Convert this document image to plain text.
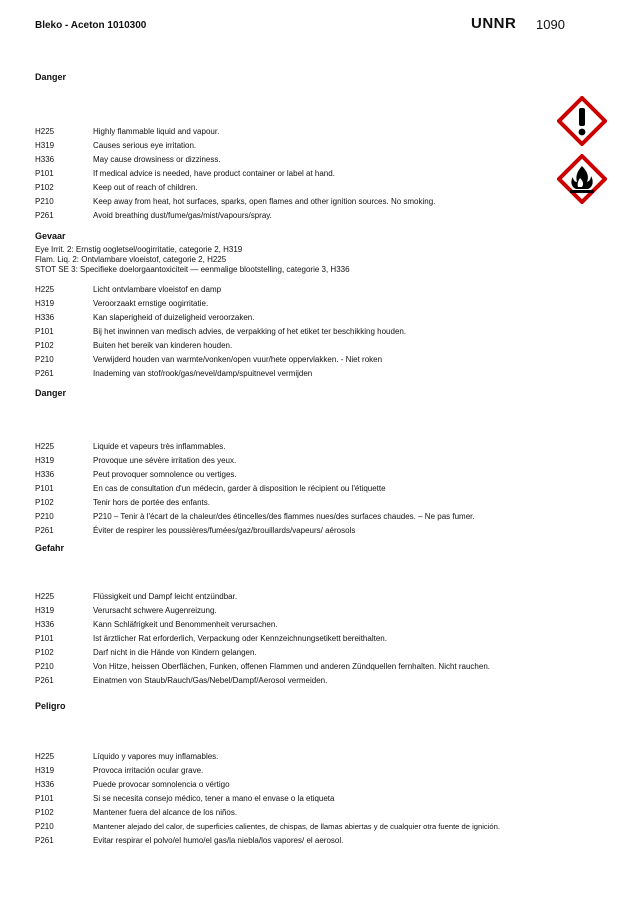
Bleko - Aceton 1010300	UNNR 1090
Danger
H225	Highly flammable liquid and vapour.
H319	Causes serious eye irritation.
H336	May cause drowsiness or dizziness.
P101	If medical advice is needed, have product container or label at hand.
P102	Keep out of reach of children.
P210	Keep away from heat, hot surfaces, sparks, open flames and other ignition sources. No smoking.
P261	Avoid breathing dust/fume/gas/mist/vapours/spray.
Gevaar
Eye Irrit. 2: Ernstig oogletsel/oogirritatie, categorie 2, H319
Flam. Liq. 2: Ontvlambare vloeistof, categorie 2, H225
STOT SE 3: Specifieke doelorgaantoxiciteit — eenmalige blootstelling, categorie 3, H336
H225	Licht ontvlambare vloeistof en damp
H319	Veroorzaakt ernstige oogirritatie.
H336	Kan slaperigheid of duizeligheid veroorzaken.
P101	Bij het inwinnen van medisch advies, de verpakking of het etiket ter beschikking houden.
P102	Buiten het bereik van kinderen houden.
P210	Verwijderd houden van warmte/vonken/open vuur/hete oppervlakken. - Niet roken
P261	Inademing van stof/rook/gas/nevel/damp/spuitnevel vermijden
Danger
H225	Liquide et vapeurs très inflammables.
H319	Provoque une sévère irritation des yeux.
H336	Peut provoquer somnolence ou vertiges.
P101	En cas de consultation d'un médecin, garder à disposition le récipient ou l'étiquette
P102	Tenir hors de portée des enfants.
P210	P210 – Tenir à l'écart de la chaleur/des étincelles/des flammes nues/des surfaces chaudes. – Ne pas fumer.
P261	Éviter de respirer les poussières/fumées/gaz/brouillards/vapeurs/ aérosols
Gefahr
H225	Flüssigkeit und Dampf leicht entzündbar.
H319	Verursacht schwere Augenreizung.
H336	Kann Schläfrigkeit und Benommenheit verursachen.
P101	Ist ärztlicher Rat erforderlich, Verpackung oder Kennzeichnungsetikett bereithalten.
P102	Darf nicht in die Hände von Kindern gelangen.
P210	Von Hitze, heissen Oberflächen, Funken, offenen Flammen und anderen Zündquellen fernhalten. Nicht rauchen.
P261	Einatmen von Staub/Rauch/Gas/Nebel/Dampf/Aerosol vermeiden.
Peligro
H225	Líquido y vapores muy inflamables.
H319	Provoca irritación ocular grave.
H336	Puede provocar somnolencia o vértigo
P101	Si se necesita consejo médico, tener a mano el envase o la etiqueta
P102	Mantener fuera del alcance de los niños.
P210	Mantener alejado del calor, de superficies calientes, de chispas, de llamas abiertas y de cualquier otra fuente de ignición.
P261	Evitar respirar el polvo/el humo/el gas/la niebla/los vapores/ el aerosol.
